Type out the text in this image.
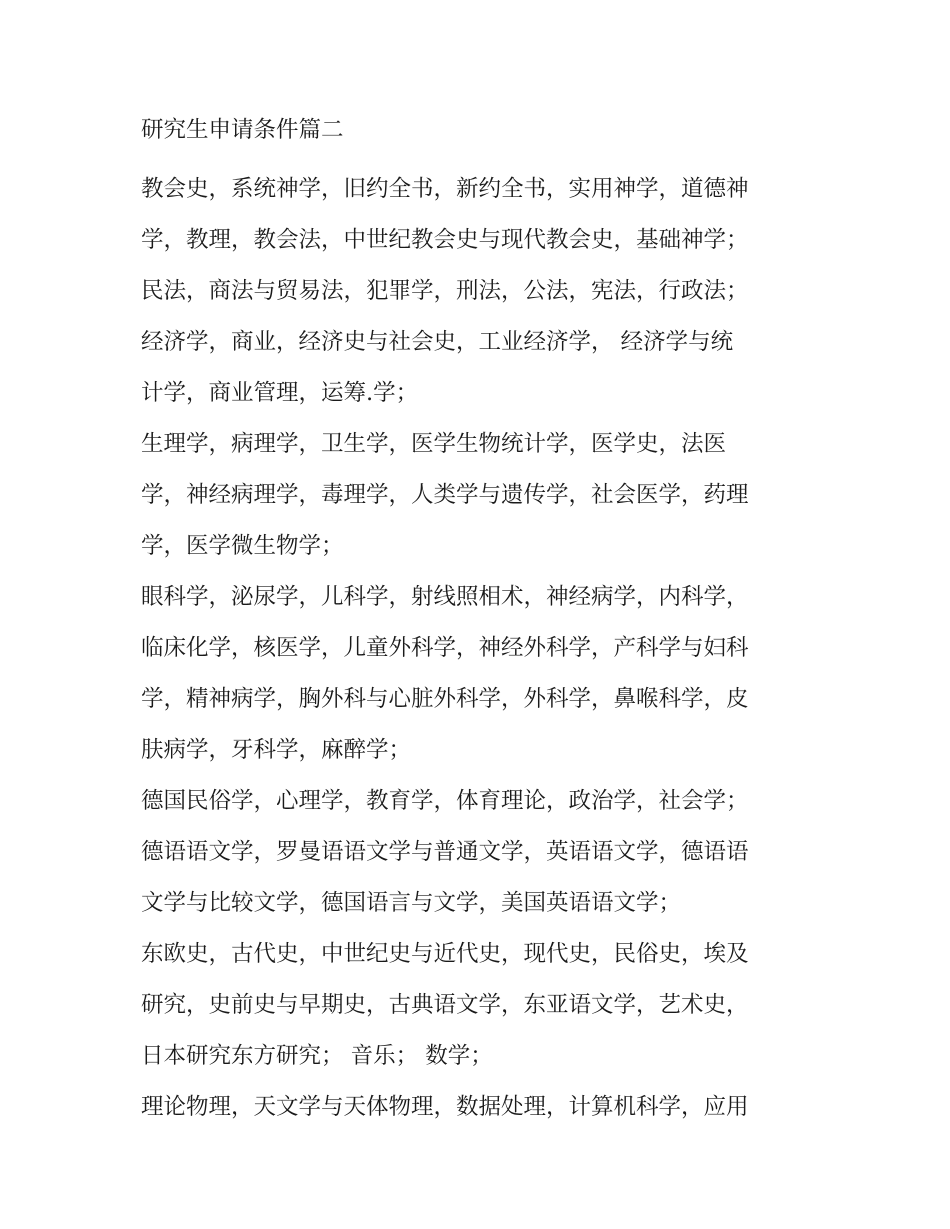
研究生申请条件篇二
教会史，系统神学，旧约全书，新约全书，实用神学，道德神
学，教理，教会法，中世纪教会史与现代教会史，基础神学；
民法，商法与贸易法，犯罪学，刑法，公法，宪法，行政法；
经济学，商业，经济史与社会史，工业经济学， 经济学与统
计学，商业管理，运筹.学；
生理学，病理学，卫生学，医学生物统计学，医学史，法医
学，神经病理学，毒理学，人类学与遗传学，社会医学，药理
学，医学微生物学；
眼科学，泌尿学，儿科学，射线照相术，神经病学，内科学，
临床化学，核医学，儿童外科学，神经外科学，产科学与妇科
学，精神病学，胸外科与心脏外科学，外科学，鼻喉科学，皮
肤病学，牙科学，麻醉学；
德国民俗学，心理学，教育学，体育理论，政治学，社会学；
德语语文学，罗曼语语文学与普通文学，英语语文学，德语语
文学与比较文学，德国语言与文学，美国英语语文学；
东欧史，古代史，中世纪史与近代史，现代史，民俗史，埃及
研究，史前史与早期史，古典语文学，东亚语文学，艺术史，
日本研究东方研究； 音乐； 数学；
理论物理，天文学与天体物理，数据处理，计算机科学，应用
